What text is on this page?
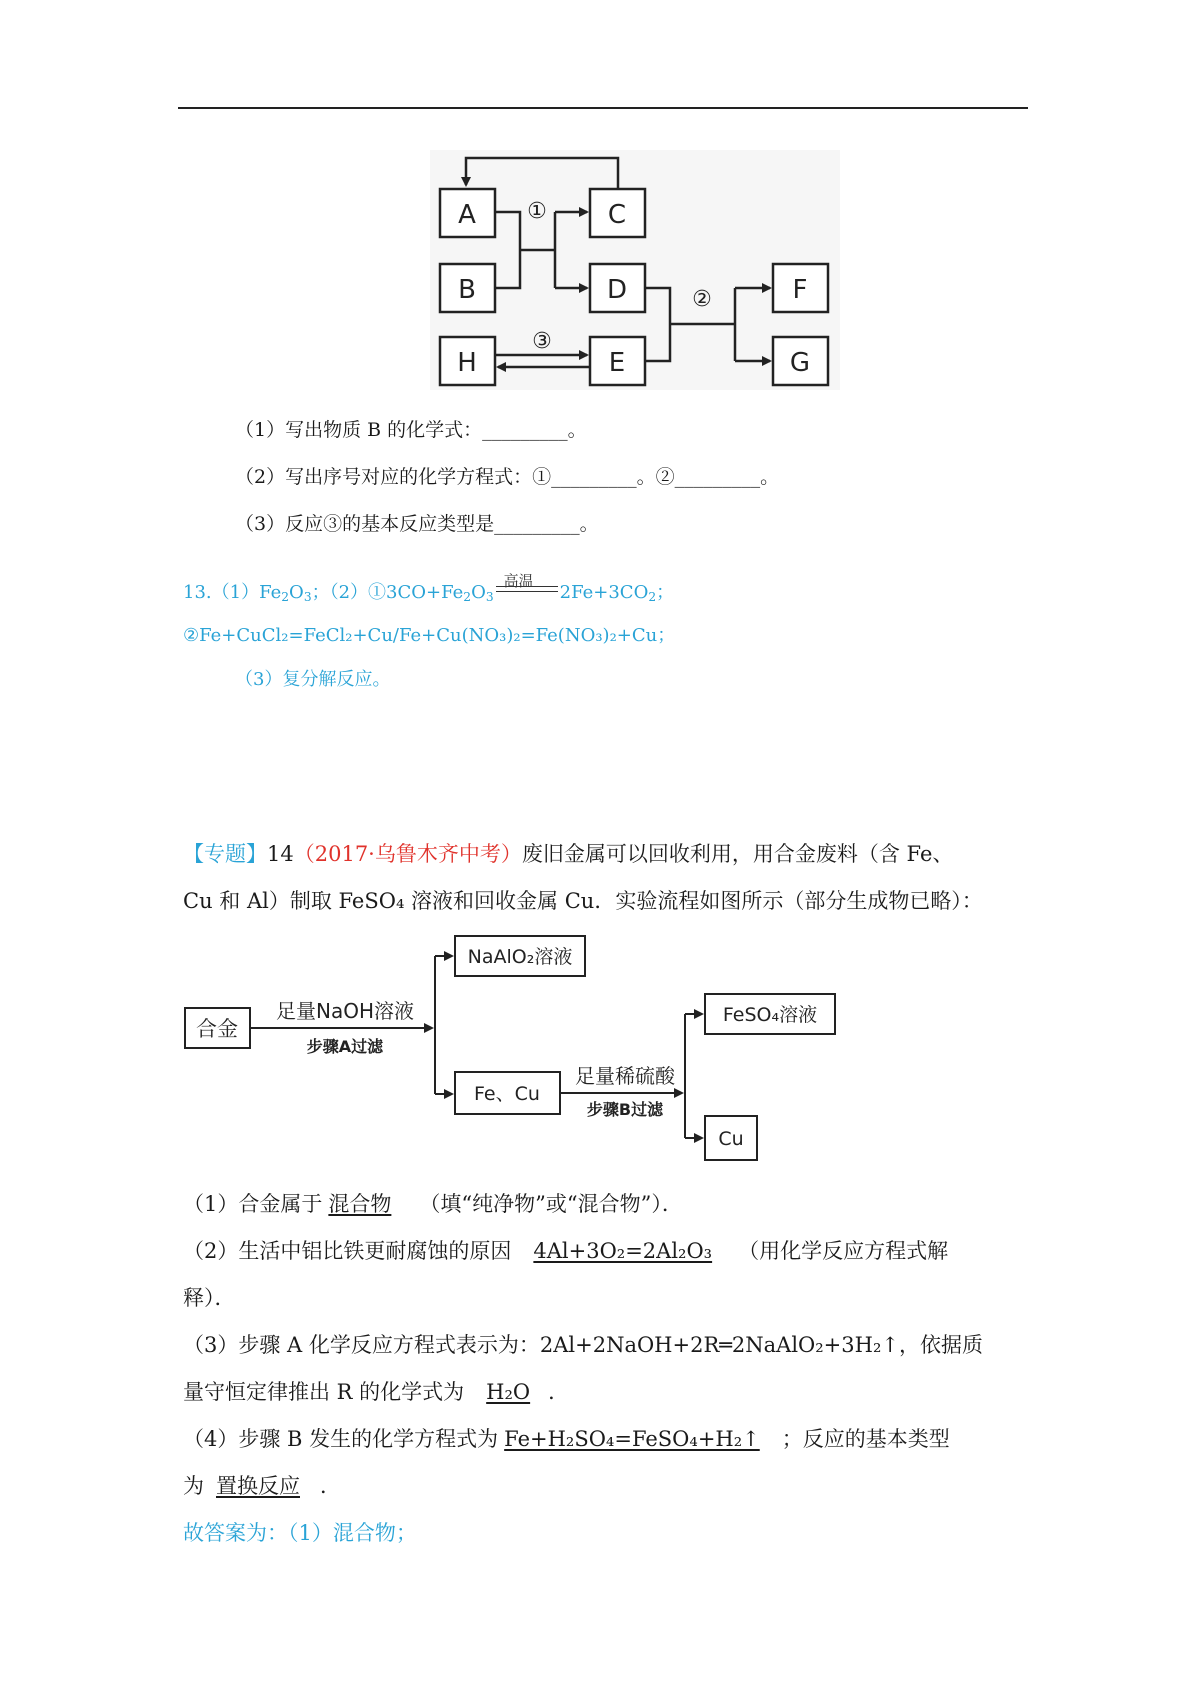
A
B
C
D
E
F
G
H
①
②
③
（1）写出物质 B 的化学式：_________。
（2）写出序号对应的化学方程式：①_________。②_________。
（3）反应③的基本反应类型是_________。
$13.(1)Fe_2O_3$；$(2)①3CO+Fe_2O_3$
高温
$2Fe+3CO_2$；
②Fe+CuCl₂=FeCl₂+Cu/Fe+Cu(NO₃)₂=Fe(NO₃)₂+Cu；
（3）复分解反应。
【专题】14（2017·乌鲁木齐中考）废旧金属可以回收利用，用合金废料（含 Fe、
Cu 和 Al）制取 FeSO₄ 溶液和回收金属 Cu．实验流程如图所示（部分生成物已略）：
合金
足量NaOH溶液
步骤A过滤
NaAlO₂溶液
Fe、Cu
足量稀硫酸
步骤B过滤
FeSO₄溶液
Cu
（1）合金属于 混合物 （填“纯净物”或“混合物”）．
（2）生活中铝比铁更耐腐蚀的原因 4Al+3O₂=2Al₂O₃ （用化学反应方程式解
释）．
（3）步骤 A 化学反应方程式表示为：2Al+2NaOH+2R═2NaAlO₂+3H₂↑，依据质
量守恒定律推出 R 的化学式为 H₂O ．
（4）步骤 B 发生的化学方程式为 Fe+H₂SO₄=FeSO₄+H₂↑ ；反应的基本类型
为 置换反应 ．
故答案为：（1）混合物；
